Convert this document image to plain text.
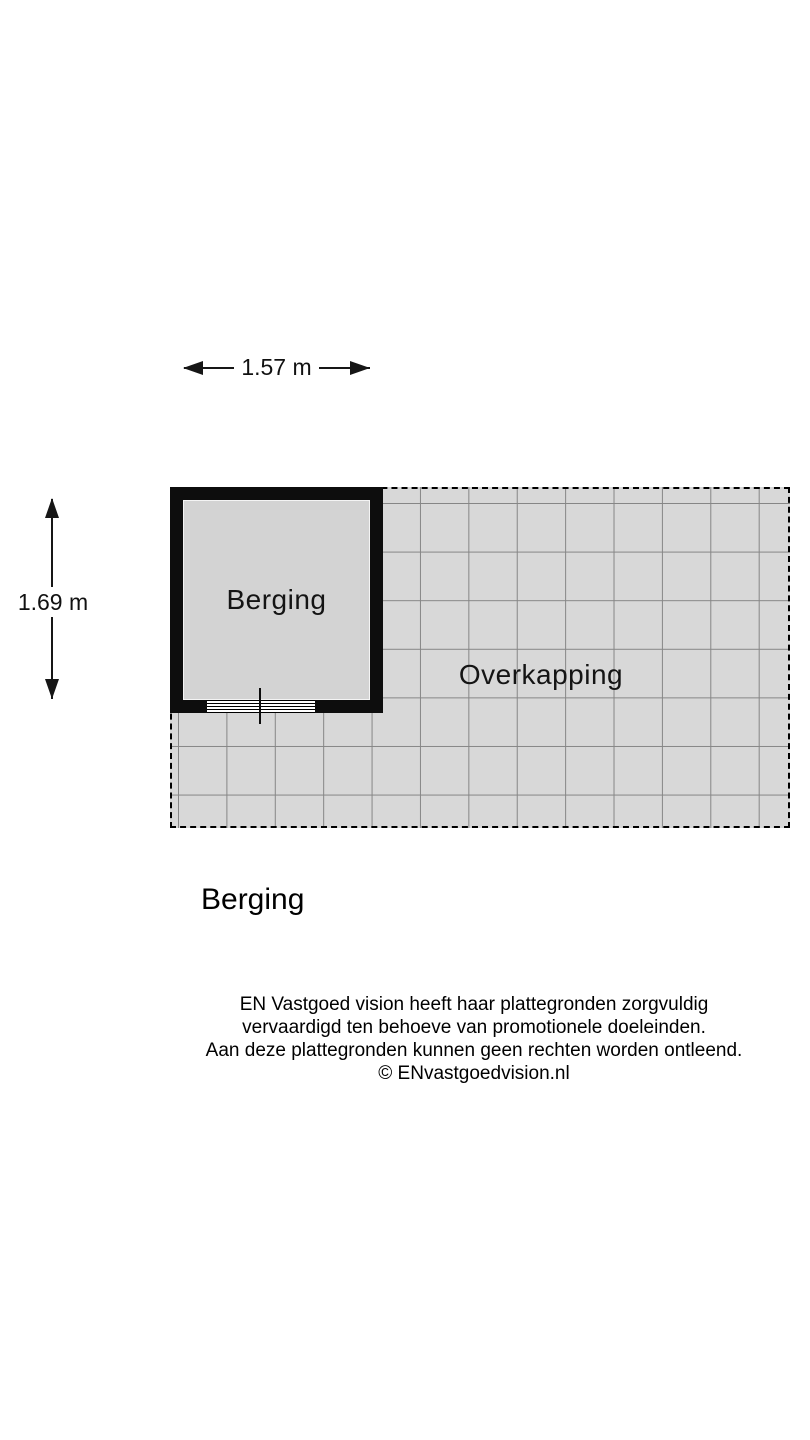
1.57 m
1.69 m
Overkapping
Berging
Berging
EN Vastgoed vision heeft haar plattegronden zorgvuldig
vervaardigd ten behoeve van promotionele doeleinden.
Aan deze plattegronden kunnen geen rechten worden ontleend.
© ENvastgoedvision.nl
